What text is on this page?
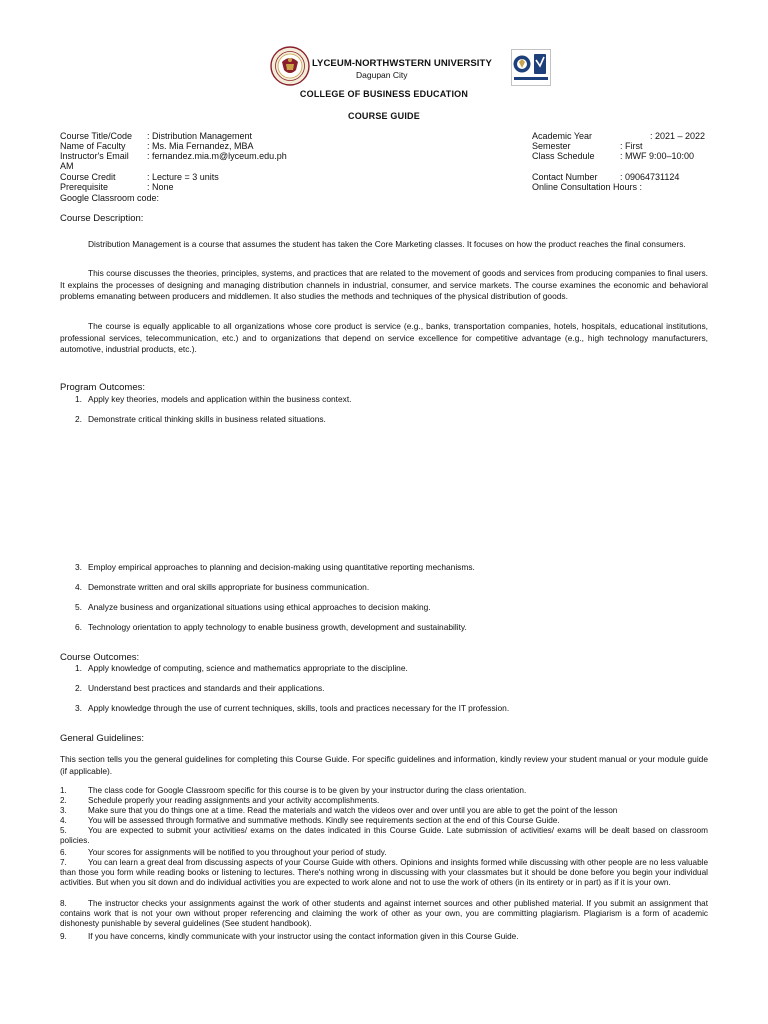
LYCEUM-NORTHWSTERN UNIVERSITY
Dagupan City
COLLEGE OF BUSINESS EDUCATION
COURSE GUIDE
Course Title/Code : Distribution Management
Name of Faculty : Ms. Mia Fernandez, MBA
Instructor's Email : fernandez.mia.m@lyceum.edu.ph
AM
Course Credit	: Lecture = 3 units
Prerequisite	: None
Google Classroom code:
Academic Year	: 2021 – 2022
Semester	: First
Class Schedule	: MWF 9:00–10:00
Contact Number : 09064731124
Online Consultation Hours :
Course Description:
Distribution Management is a course that assumes the student has taken the Core Marketing classes. It focuses on how the product reaches the final consumers.
This course discusses the theories, principles, systems, and practices that are related to the movement of goods and services from producing companies to final users. It explains the processes of designing and managing distribution channels in industrial, consumer, and service markets. The course examines the economic and behavioral problems emanating between producers and middlemen. It also studies the methods and techniques of the physical distribution of goods.
The course is equally applicable to all organizations whose core product is service (e.g., banks, transportation companies, hotels, hospitals, educational institutions, professional services, telecommunication, etc.) and to organizations that depend on service excellence for competitive advantage (e.g., high technology manufacturers, automotive, industrial products, etc.).
Program Outcomes:
1. Apply key theories, models and application within the business context.
2. Demonstrate critical thinking skills in business related situations.
3. Employ empirical approaches to planning and decision-making using quantitative reporting mechanisms.
4. Demonstrate written and oral skills appropriate for business communication.
5. Analyze business and organizational situations using ethical approaches to decision making.
6. Technology orientation to apply technology to enable business growth, development and sustainability.
Course Outcomes:
1. Apply knowledge of computing, science and mathematics appropriate to the discipline.
2. Understand best practices and standards and their applications.
3. Apply knowledge through the use of current techniques, skills, tools and practices necessary for the IT profession.
General Guidelines:
This section tells you the general guidelines for completing this Course Guide. For specific guidelines and information, kindly review your student manual or your module guide (if applicable).
1.	The class code for Google Classroom specific for this course is to be given by your instructor during the class orientation.
2.	Schedule properly your reading assignments and your activity accomplishments.
3.	Make sure that you do things one at a time. Read the materials and watch the videos over and over until you are able to get the point of the lesson
4.	You will be assessed through formative and summative methods. Kindly see requirements section at the end of this Course Guide.
5.	You are expected to submit your activities/ exams on the dates indicated in this Course Guide. Late submission of activities/ exams will be dealt based on classroom policies.
6.	Your scores for assignments will be notified to you throughout your period of study.
7.	You can learn a great deal from discussing aspects of your Course Guide with others. Opinions and insights formed while discussing with other people are no less valuable than those you form while reading books or listening to lectures. There's nothing wrong in discussing with your classmates but it should be done before you begin your individual activities. But when you sit down and do individual activities you are expected to work alone and not to use the work of others (in its entirety or in part) as if it is your own.
8.	The instructor checks your assignments against the work of other students and against internet sources and other published material. If you submit an assignment that contains work that is not your own without proper referencing and claiming the work of other as your own, you are committing plagiarism. Plagiarism is a form of academic dishonesty punishable by several guidelines (See student handbook).
9.	If you have concerns, kindly communicate with your instructor using the contact information given in this Course Guide.
